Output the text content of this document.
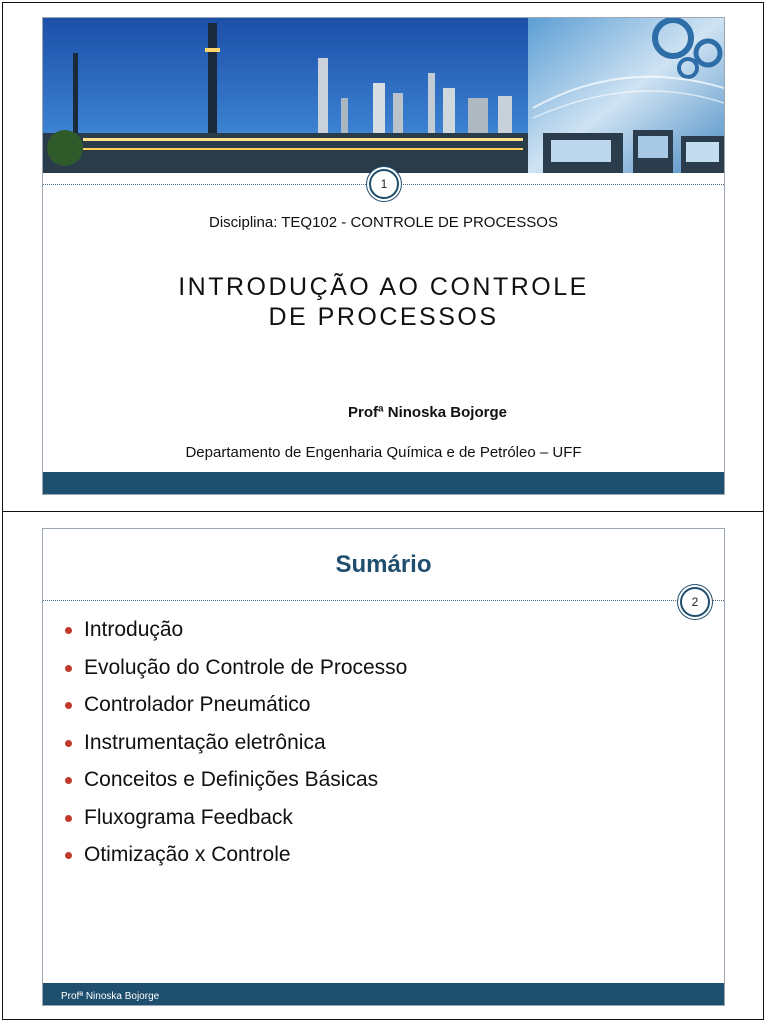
1
Disciplina: TEQ102 - CONTROLE DE PROCESSOS
INTRODUÇÃO AO CONTROLE
DE PROCESSOS
Profª Ninoska Bojorge
Departamento de Engenharia Química e de Petróleo – UFF
Sumário
2
Introdução
Evolução do Controle de Processo
Controlador Pneumático
Instrumentação eletrônica
Conceitos e Definições Básicas
Fluxograma Feedback
Otimização x Controle
Profª Ninoska Bojorge
